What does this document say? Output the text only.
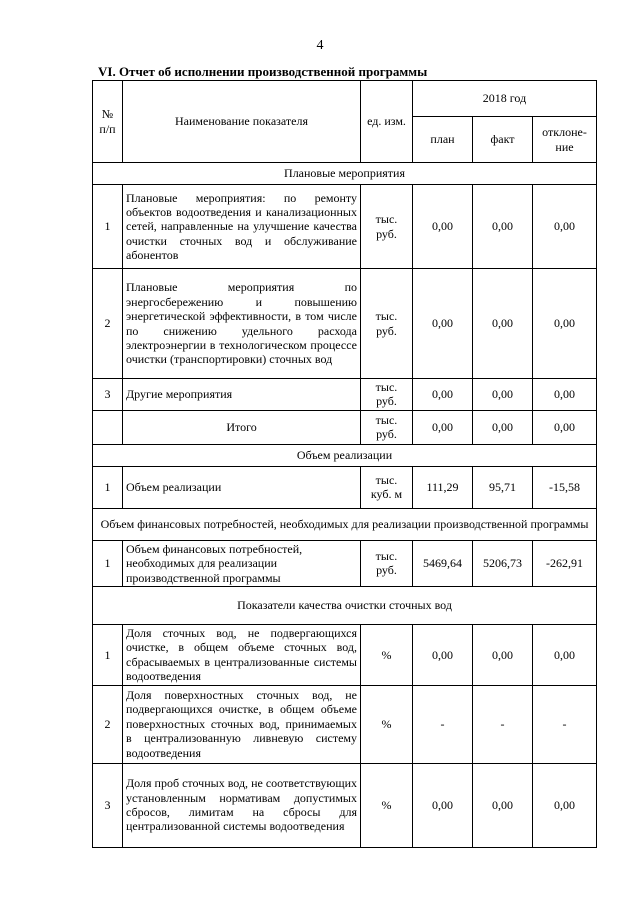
4
VI. Отчет об исполнении производственной программы
№ п/п	Наименование показателя	ед. изм.	2018 год		
			план	факт	отклоне-ние
Плановые мероприятия					
1	Плановые мероприятия: по ремонту объектов водоотведения и канализационных сетей, направленные на улучшение качества очистки сточных вод и обслуживание абонентов	тыс. руб.	0,00	0,00	0,00
2	Плановые мероприятия по энергосбережению и повышению энергетической эффективности, в том числе по снижению удельного расхода электроэнергии в технологическом процессе очистки (транспортировки) сточных вод	тыс. руб.	0,00	0,00	0,00
3	Другие мероприятия	тыс. руб.	0,00	0,00	0,00
	Итого	тыс. руб.	0,00	0,00	0,00
Объем реализации					
1	Объем реализации	тыс. куб. м	111,29	95,71	-15,58
Объем финансовых потребностей, необходимых для реализации производственной программы					
1	Объем финансовых потребностей, необходимых для реализации производственной программы	тыс. руб.	5469,64	5206,73	-262,91
Показатели качества очистки сточных вод					
1	Доля сточных вод, не подвергающихся очистке, в общем объеме сточных вод, сбрасываемых в централизованные системы водоотведения	%	0,00	0,00	0,00
2	Доля поверхностных сточных вод, не подвергающихся очистке, в общем объеме поверхностных сточных вод, принимаемых в централизованную ливневую систему водоотведения	%	-	-	-
3	Доля проб сточных вод, не соответствующих установленным нормативам допустимых сбросов, лимитам на сбросы для централизованной системы водоотведения	%	0,00	0,00	0,00
